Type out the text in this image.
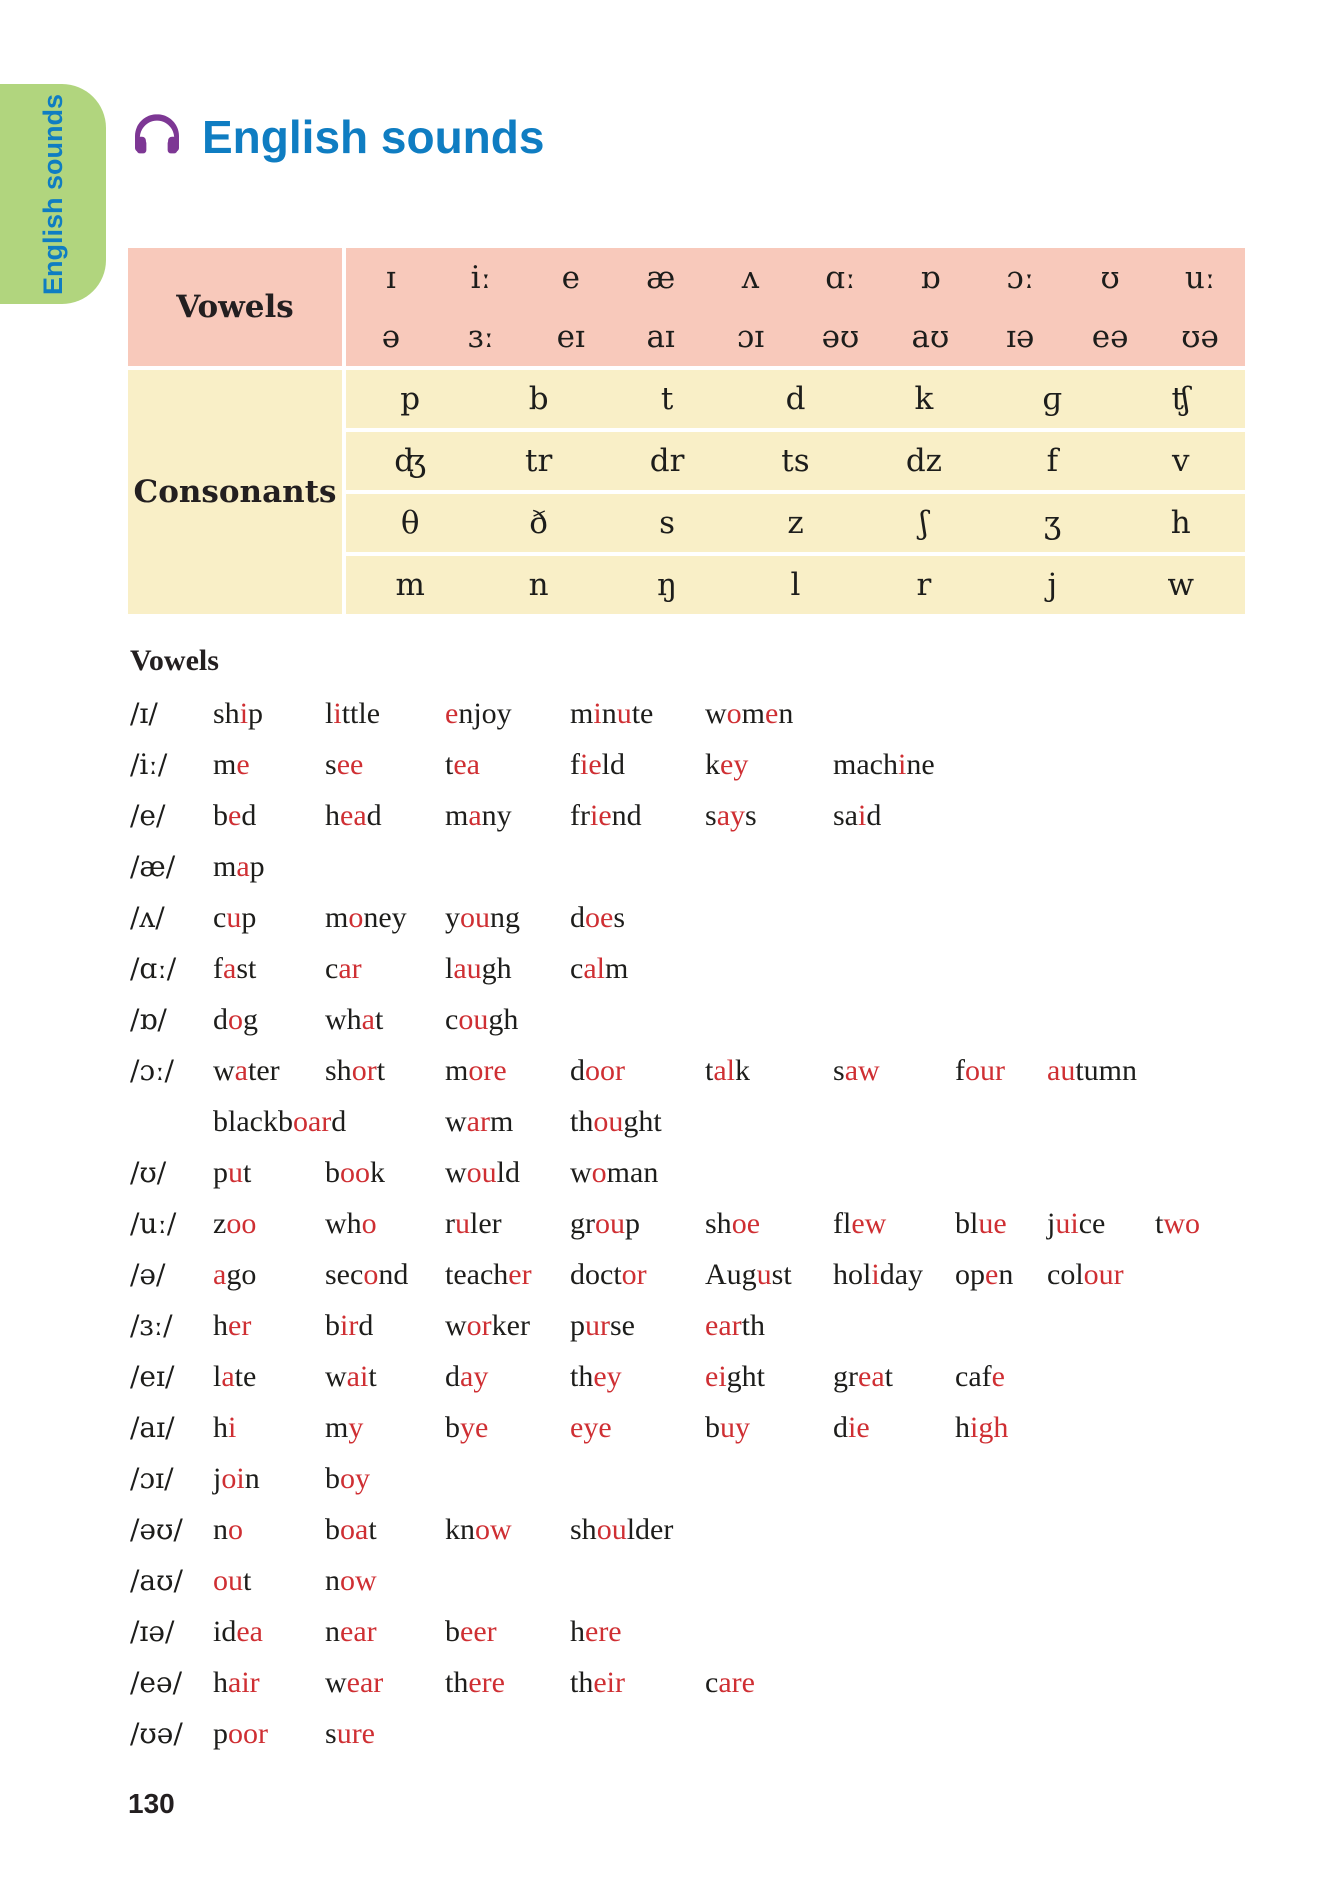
English sounds	English sounds
Vowels
ɪ	iː	e	æ	ʌ	ɑː	ɒ	ɔː	ʊ	uː
ə	ɜː	eɪ	aɪ	ɔɪ	əʊ	aʊ	ɪə	eə	ʊə
Consonants
p	b	t	d	k	ɡ	ʧ
ʤ	tr	dr	ts	dz	f	v
θ	ð	s	z	ʃ	ʒ	h
m	n	ŋ	l	r	j	w
Vowels
/ɪ/	ship	little	enjoy	minute	women
/iː/	me	see	tea	field	key	machine
/e/	bed	head	many	friend	says	said
/æ/	map
/ʌ/	cup	money	young	does
/ɑː/	fast	car	laugh	calm
/ɒ/	dog	what	cough
/ɔː/	water	short	more	door	talk	saw	four	autumn
blackboard	warm	thought
/ʊ/	put	book	would	woman
/uː/	zoo	who	ruler	group	shoe	flew	blue	juice	two
/ə/	ago	second	teacher	doctor	August	holiday	open	colour
/ɜː/	her	bird	worker	purse	earth
/eɪ/	late	wait	day	they	eight	great	cafe
/aɪ/	hi	my	bye	eye	buy	die	high
/ɔɪ/	join	boy
/əʊ/	no	boat	know	shoulder
/aʊ/	out	now
/ɪə/	idea	near	beer	here
/eə/	hair	wear	there	their	care
/ʊə/	poor	sure
130
